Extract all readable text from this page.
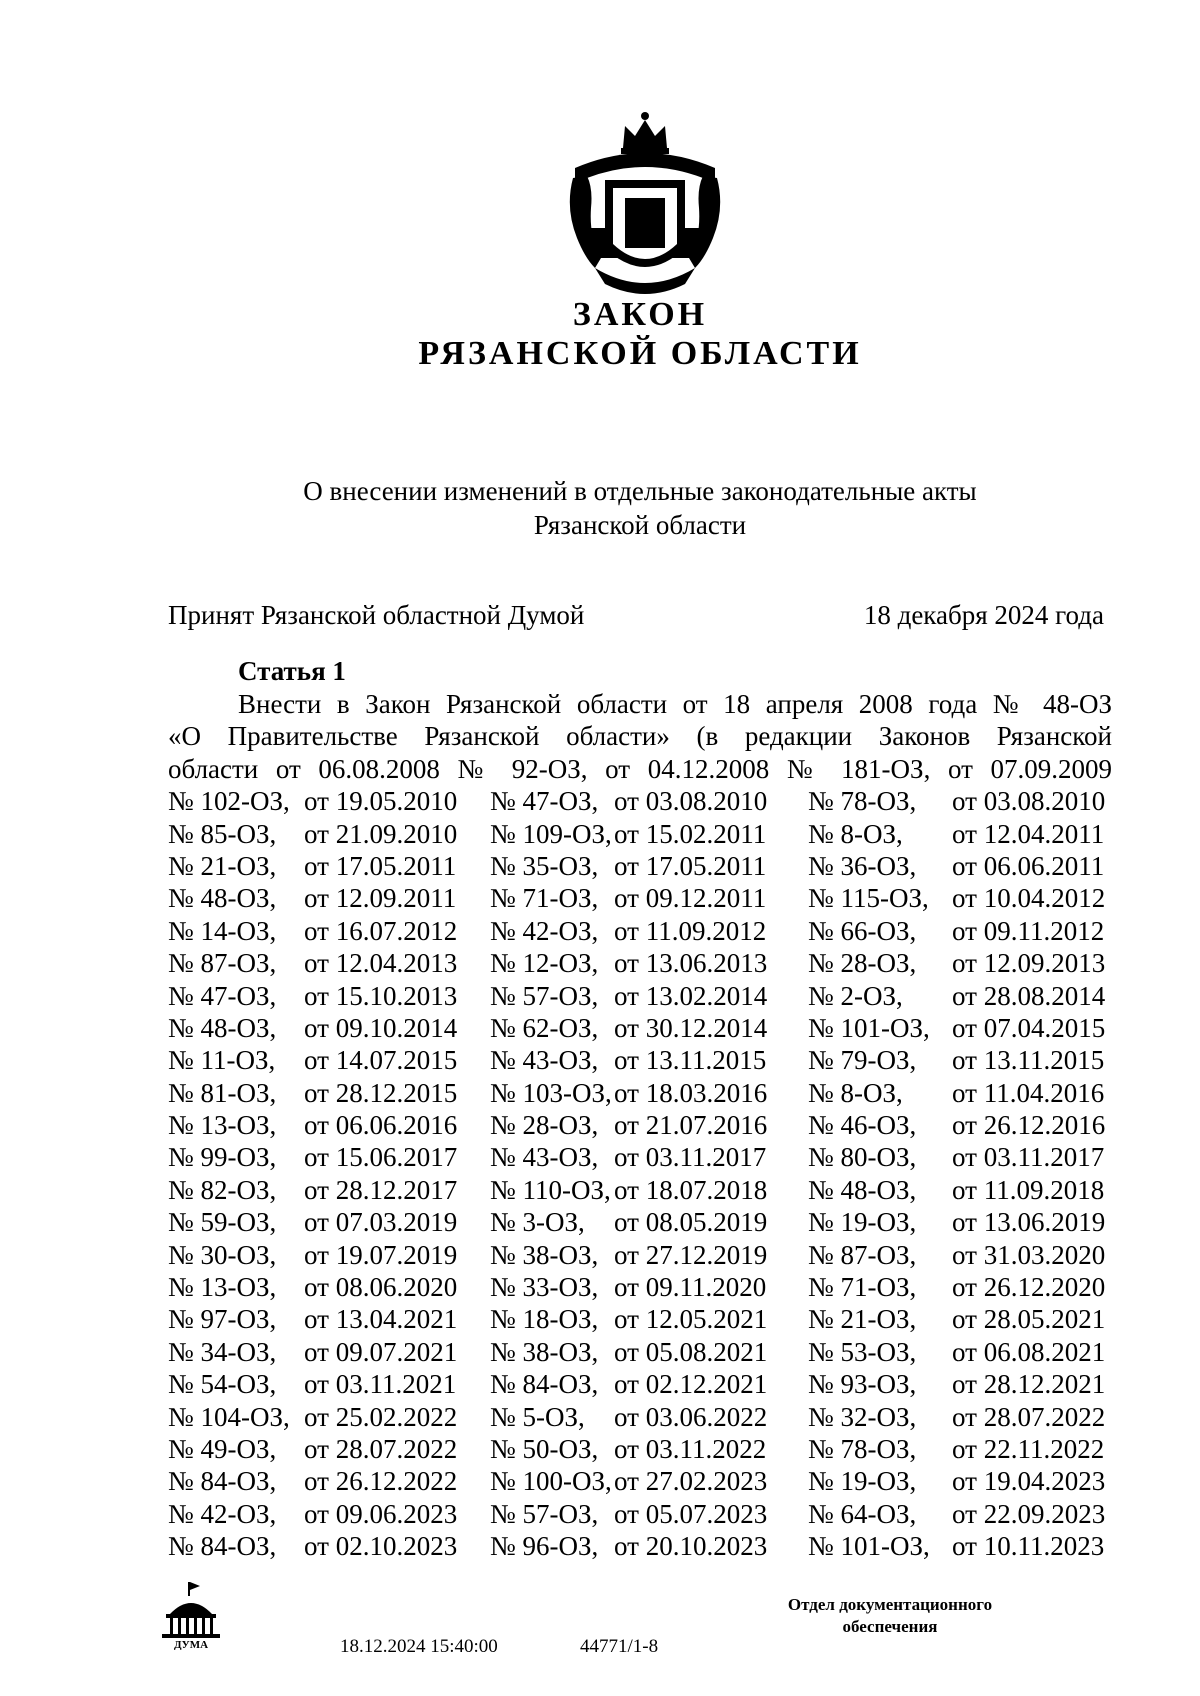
ЗАКОН
РЯЗАНСКОЙ ОБЛАСТИ
О внесении изменений в отдельные законодательные акты
Рязанской области
Принят Рязанской областной Думой	18 декабря 2024 года
Статья 1
Внести в Закон Рязанской области от 18 апреля 2008 года № 48-ОЗ
«О Правительстве Рязанской области» (в редакции Законов Рязанской
области от 06.08.2008 № 92-ОЗ, от 04.12.2008 № 181-ОЗ, от 07.09.2009
№ 102-ОЗ, от 19.05.2010 № 47-ОЗ, от 03.08.2010 № 78-ОЗ, от 03.08.2010
№ 85-ОЗ, от 21.09.2010 № 109-ОЗ, от 15.02.2011 № 8-ОЗ, от 12.04.2011
№ 21-ОЗ, от 17.05.2011 № 35-ОЗ, от 17.05.2011 № 36-ОЗ, от 06.06.2011
№ 48-ОЗ, от 12.09.2011 № 71-ОЗ, от 09.12.2011 № 115-ОЗ, от 10.04.2012
№ 14-ОЗ, от 16.07.2012 № 42-ОЗ, от 11.09.2012 № 66-ОЗ, от 09.11.2012
№ 87-ОЗ, от 12.04.2013 № 12-ОЗ, от 13.06.2013 № 28-ОЗ, от 12.09.2013
№ 47-ОЗ, от 15.10.2013 № 57-ОЗ, от 13.02.2014 № 2-ОЗ, от 28.08.2014
№ 48-ОЗ, от 09.10.2014 № 62-ОЗ, от 30.12.2014 № 101-ОЗ, от 07.04.2015
№ 11-ОЗ, от 14.07.2015 № 43-ОЗ, от 13.11.2015 № 79-ОЗ, от 13.11.2015
№ 81-ОЗ, от 28.12.2015 № 103-ОЗ, от 18.03.2016 № 8-ОЗ, от 11.04.2016
№ 13-ОЗ, от 06.06.2016 № 28-ОЗ, от 21.07.2016 № 46-ОЗ, от 26.12.2016
№ 99-ОЗ, от 15.06.2017 № 43-ОЗ, от 03.11.2017 № 80-ОЗ, от 03.11.2017
№ 82-ОЗ, от 28.12.2017 № 110-ОЗ, от 18.07.2018 № 48-ОЗ, от 11.09.2018
№ 59-ОЗ, от 07.03.2019 № 3-ОЗ, от 08.05.2019 № 19-ОЗ, от 13.06.2019
№ 30-ОЗ, от 19.07.2019 № 38-ОЗ, от 27.12.2019 № 87-ОЗ, от 31.03.2020
№ 13-ОЗ, от 08.06.2020 № 33-ОЗ, от 09.11.2020 № 71-ОЗ, от 26.12.2020
№ 97-ОЗ, от 13.04.2021 № 18-ОЗ, от 12.05.2021 № 21-ОЗ, от 28.05.2021
№ 34-ОЗ, от 09.07.2021 № 38-ОЗ, от 05.08.2021 № 53-ОЗ, от 06.08.2021
№ 54-ОЗ, от 03.11.2021 № 84-ОЗ, от 02.12.2021 № 93-ОЗ, от 28.12.2021
№ 104-ОЗ, от 25.02.2022 № 5-ОЗ, от 03.06.2022 № 32-ОЗ, от 28.07.2022
№ 49-ОЗ, от 28.07.2022 № 50-ОЗ, от 03.11.2022 № 78-ОЗ, от 22.11.2022
№ 84-ОЗ, от 26.12.2022 № 100-ОЗ, от 27.02.2023 № 19-ОЗ, от 19.04.2023
№ 42-ОЗ, от 09.06.2023 № 57-ОЗ, от 05.07.2023 № 64-ОЗ, от 22.09.2023
№ 84-ОЗ, от 02.10.2023 № 96-ОЗ, от 20.10.2023 № 101-ОЗ, от 10.11.2023
ДУМА	18.12.2024 15:40:00	44771/1-8
Отдел документационного
обеспечения
